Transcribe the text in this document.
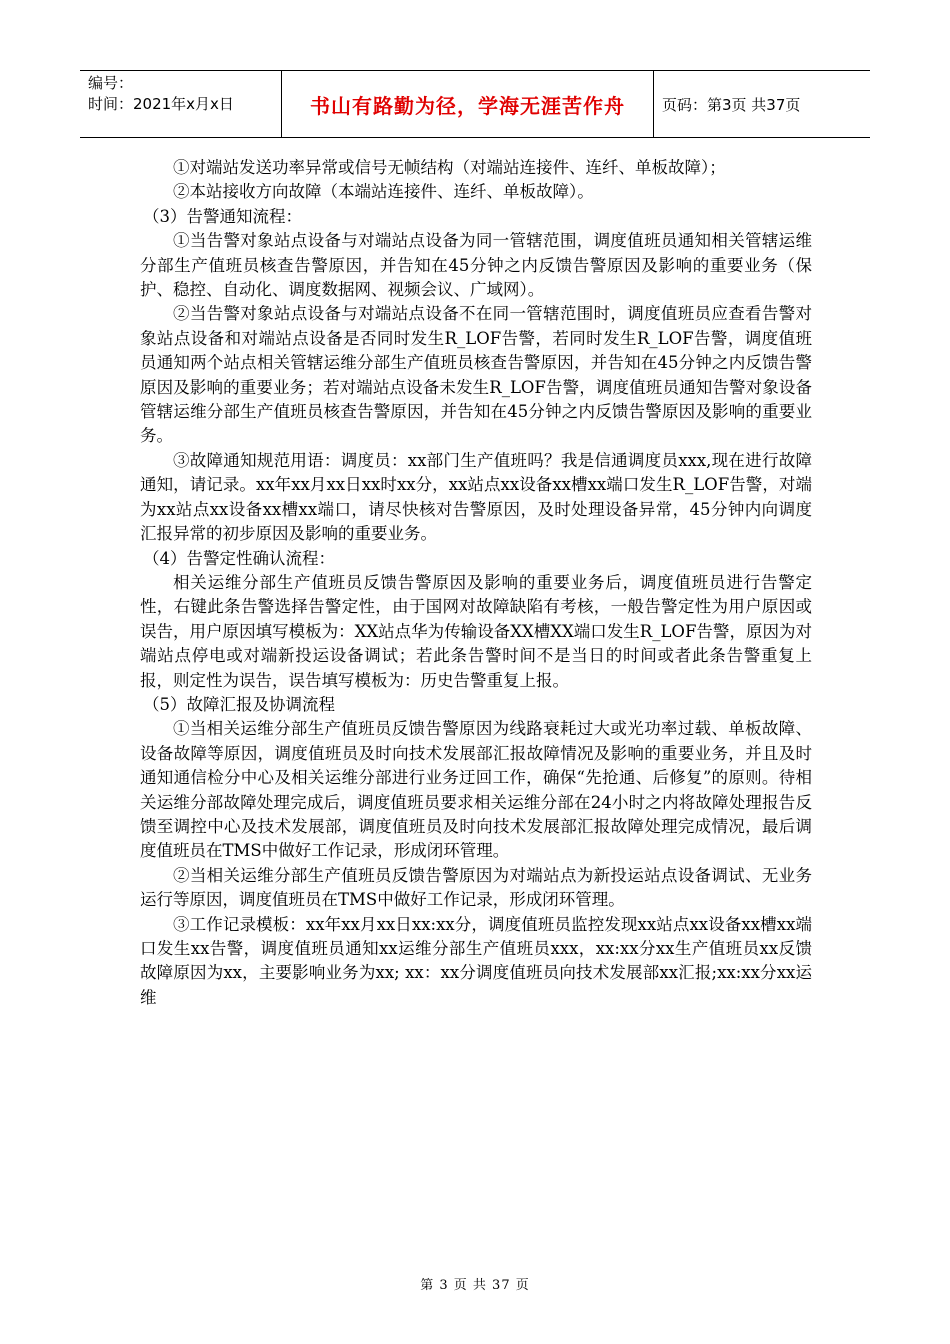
编号：
时间：2021年x月x日	书山有路勤为径，学海无涯苦作舟	页码：第3页 共37页

①对端站发送功率异常或信号无帧结构（对端站连接件、连纤、单板故障）；

②本站接收方向故障（本端站连接件、连纤、单板故障）。

（3）告警通知流程：

①当告警对象站点设备与对端站点设备为同一管辖范围，调度值班员通知相关管辖运维分部生产值班员核查告警原因，并告知在45分钟之内反馈告警原因及影响的重要业务（保护、稳控、自动化、调度数据网、视频会议、广域网）。

②当告警对象站点设备与对端站点设备不在同一管辖范围时，调度值班员应查看告警对象站点设备和对端站点设备是否同时发生R_LOF告警，若同时发生R_LOF告警，调度值班员通知两个站点相关管辖运维分部生产值班员核查告警原因，并告知在45分钟之内反馈告警原因及影响的重要业务；若对端站点设备未发生R_LOF告警，调度值班员通知告警对象设备管辖运维分部生产值班员核查告警原因，并告知在45分钟之内反馈告警原因及影响的重要业务。

③故障通知规范用语：调度员：xx部门生产值班吗？我是信通调度员xxx,现在进行故障通知，请记录。xx年xx月xx日xx时xx分，xx站点xx设备xx槽xx端口发生R_LOF告警，对端为xx站点xx设备xx槽xx端口，请尽快核对告警原因，及时处理设备异常，45分钟内向调度汇报异常的初步原因及影响的重要业务。

（4）告警定性确认流程：

相关运维分部生产值班员反馈告警原因及影响的重要业务后，调度值班员进行告警定性，右键此条告警选择告警定性，由于国网对故障缺陷有考核，一般告警定性为用户原因或误告，用户原因填写模板为：XX站点华为传输设备XX槽XX端口发生R_LOF告警，原因为对端站点停电或对端新投运设备调试；若此条告警时间不是当日的时间或者此条告警重复上报，则定性为误告，误告填写模板为：历史告警重复上报。

（5）故障汇报及协调流程

①当相关运维分部生产值班员反馈告警原因为线路衰耗过大或光功率过载、单板故障、设备故障等原因，调度值班员及时向技术发展部汇报故障情况及影响的重要业务，并且及时通知通信检分中心及相关运维分部进行业务迂回工作，确保“先抢通、后修复”的原则。待相关运维分部故障处理完成后，调度值班员要求相关运维分部在24小时之内将故障处理报告反馈至调控中心及技术发展部，调度值班员及时向技术发展部汇报故障处理完成情况，最后调度值班员在TMS中做好工作记录，形成闭环管理。

②当相关运维分部生产值班员反馈告警原因为对端站点为新投运站点设备调试、无业务运行等原因，调度值班员在TMS中做好工作记录，形成闭环管理。

③工作记录模板：xx年xx月xx日xx:xx分，调度值班员监控发现xx站点xx设备xx槽xx端口发生xx告警，调度值班员通知xx运维分部生产值班员xxx，xx:xx分xx生产值班员xx反馈故障原因为xx，主要影响业务为xx; xx：xx分调度值班员向技术发展部xx汇报;xx:xx分xx运维

第 3 页 共 37 页
